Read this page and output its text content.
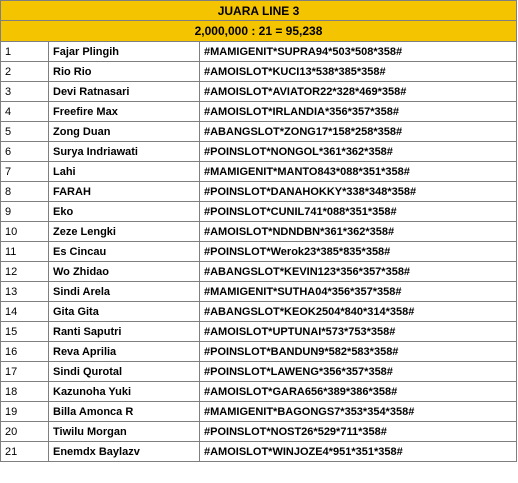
JUARA LINE 3		
2,000,000 : 21 = 95,238		
1	Fajar Plingih	#MAMIGENIT*SUPRA94*503*508*358#
2	Rio Rio	#AMOISLOT*KUCI13*538*385*358#
3	Devi Ratnasari	#AMOISLOT*AVIATOR22*328*469*358#
4	Freefire Max	#AMOISLOT*IRLANDIA*356*357*358#
5	Zong Duan	#ABANGSLOT*ZONG17*158*258*358#
6	Surya Indriawati	#POINSLOT*NONGOL*361*362*358#
7	Lahi	#MAMIGENIT*MANTO843*088*351*358#
8	FARAH	#POINSLOT*DANAHOKKY*338*348*358#
9	Eko	#POINSLOT*CUNIL741*088*351*358#
10	Zeze Lengki	#AMOISLOT*NDNDBN*361*362*358#
11	Es Cincau	#POINSLOT*Werok23*385*835*358#
12	Wo Zhidao	#ABANGSLOT*KEVIN123*356*357*358#
13	Sindi Arela	#MAMIGENIT*SUTHA04*356*357*358#
14	Gita Gita	#ABANGSLOT*KEOK2504*840*314*358#
15	Ranti Saputri	#AMOISLOT*UPTUNAI*573*753*358#
16	Reva Aprilia	#POINSLOT*BANDUN9*582*583*358#
17	Sindi Qurotal	#POINSLOT*LAWENG*356*357*358#
18	Kazunoha Yuki	#AMOISLOT*GARA656*389*386*358#
19	Billa Amonca R	#MAMIGENIT*BAGONGS7*353*354*358#
20	Tiwilu Morgan	#POINSLOT*NOST26*529*711*358#
21	Enemdx Baylazv	#AMOISLOT*WINJOZE4*951*351*358#
